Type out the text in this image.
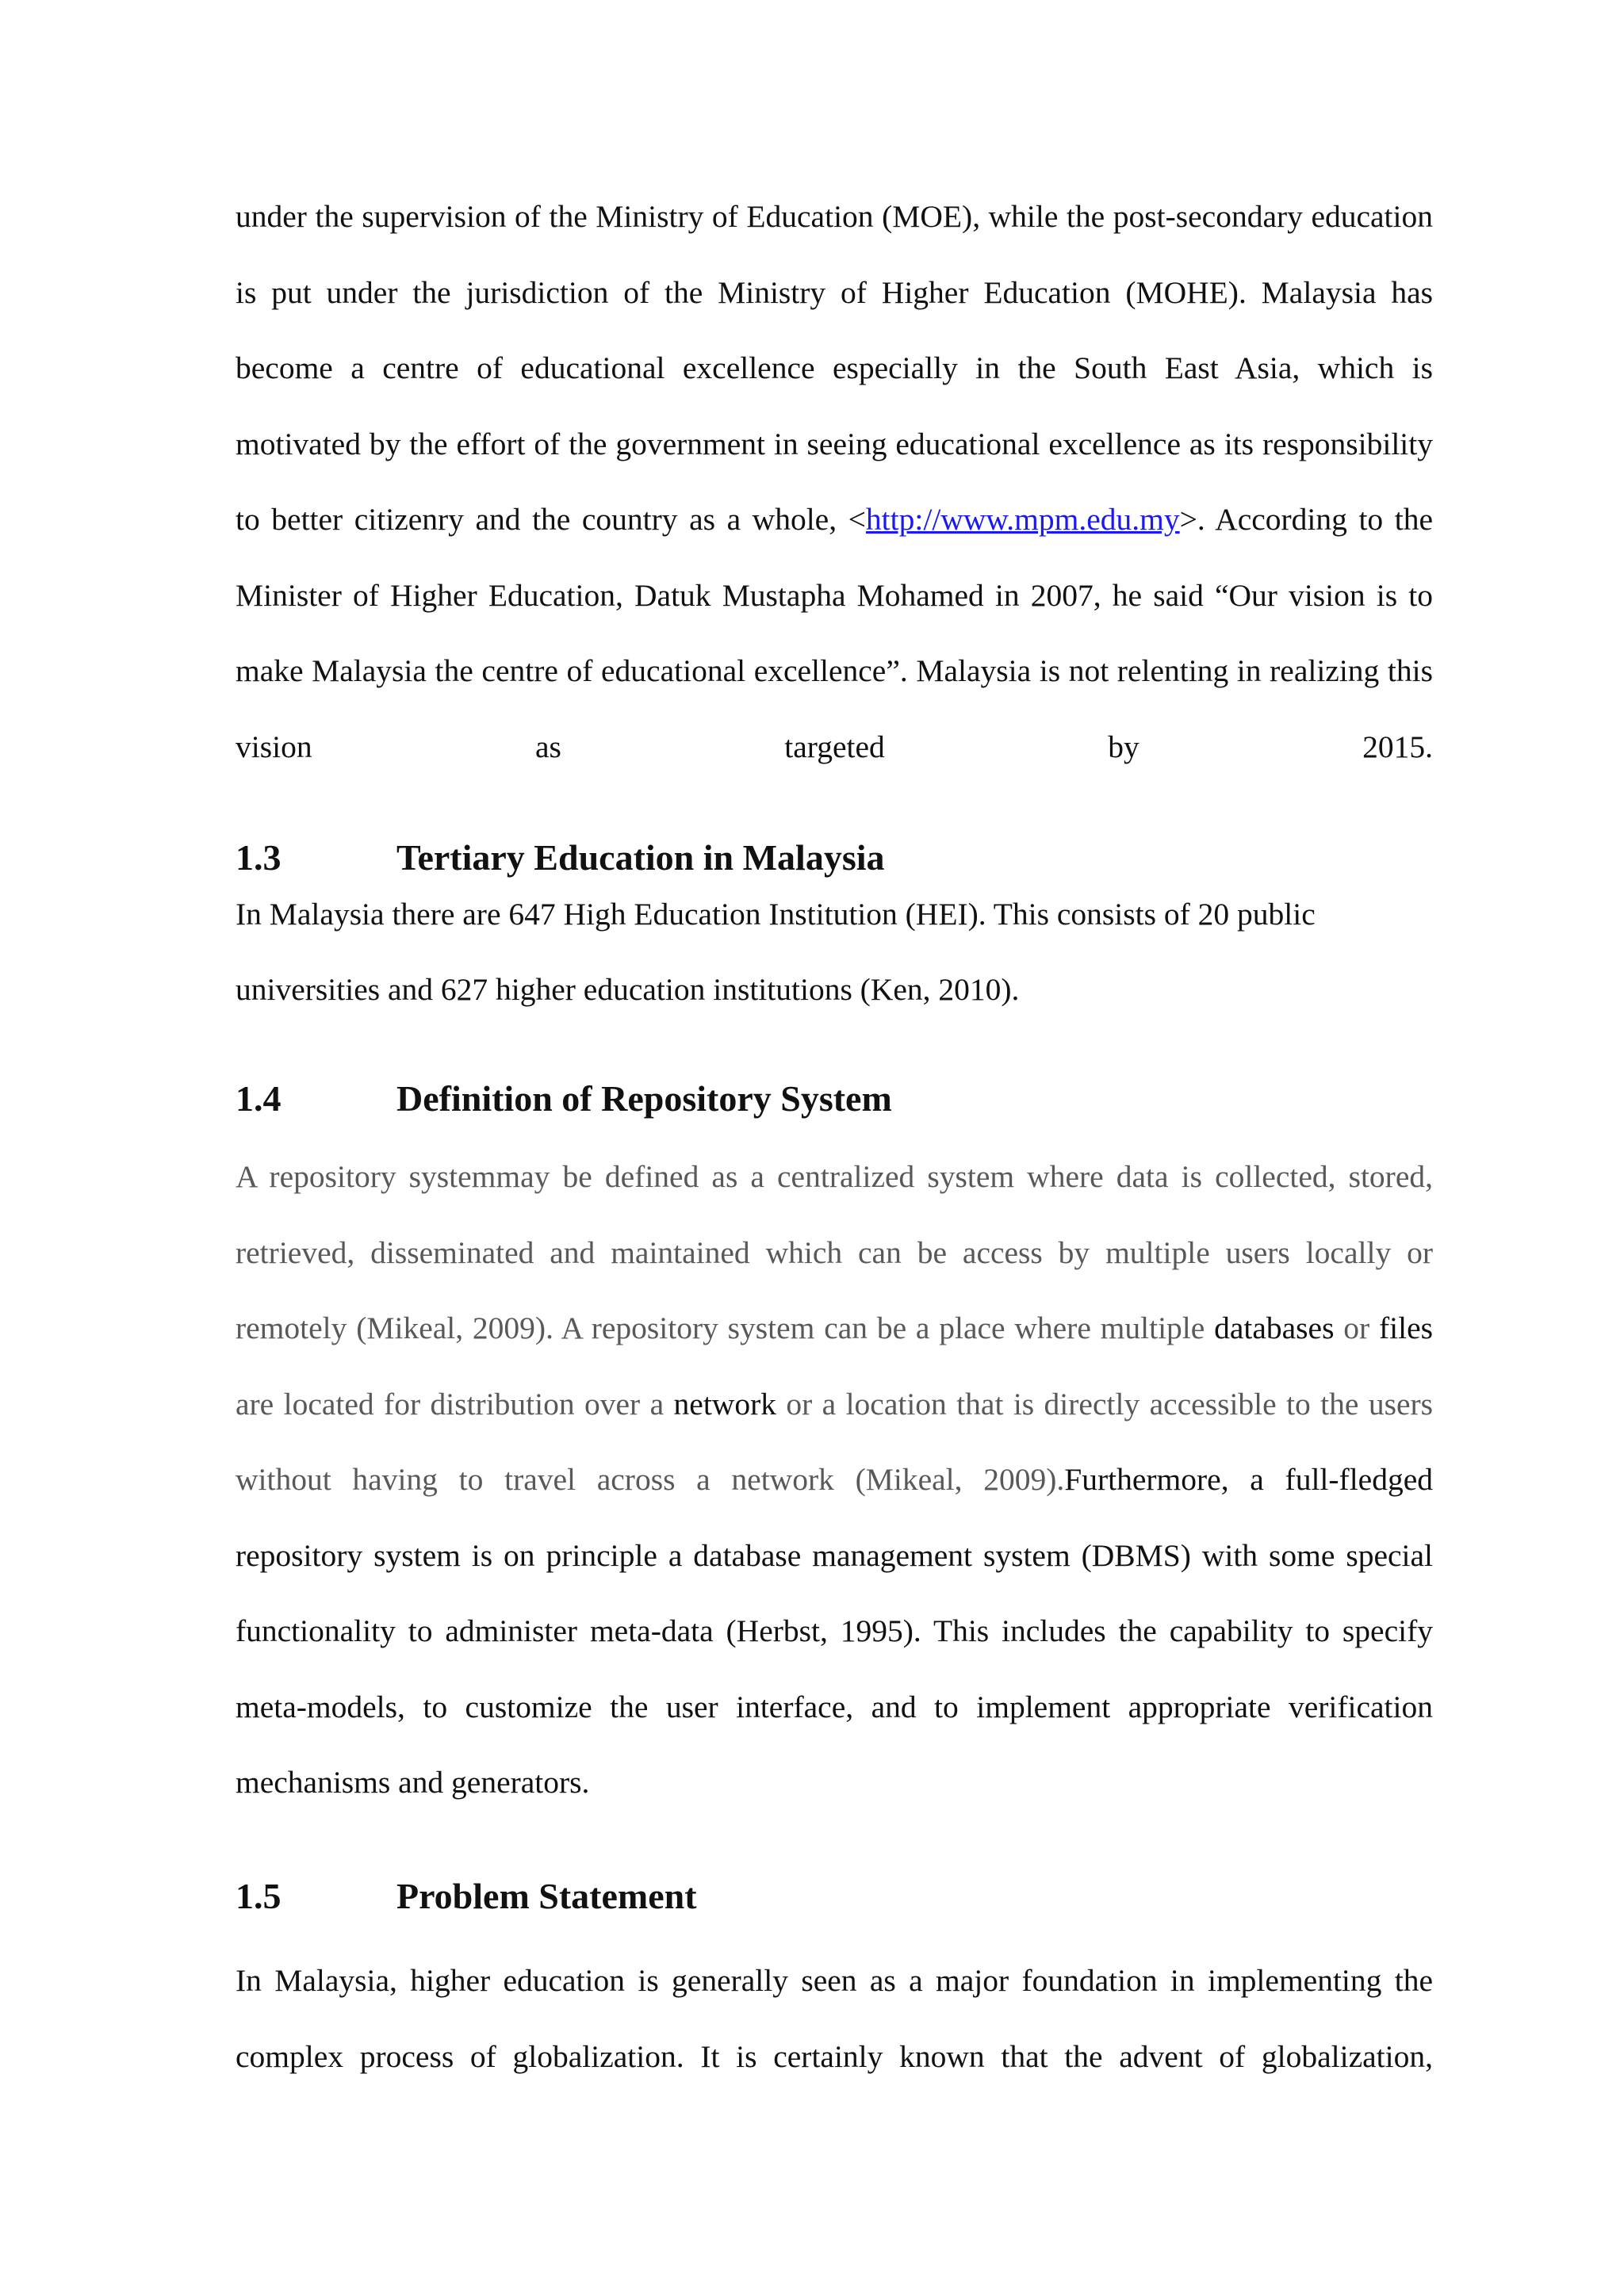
under the supervision of the Ministry of Education (MOE), while the post-secondary education is put under the jurisdiction of the Ministry of Higher Education (MOHE). Malaysia has become a centre of educational excellence especially in the South East Asia, which is motivated by the effort of the government in seeing educational excellence as its responsibility to better citizenry and the country as a whole, <http://www.mpm.edu.my>. According to the Minister of Higher Education, Datuk Mustapha Mohamed in 2007, he said “Our vision is to make Malaysia the centre of educational excellence”. Malaysia is not relenting in realizing this vision as targeted by 2015.

1.3	Tertiary Education in Malaysia

In Malaysia there are 647 High Education Institution (HEI). This consists of 20 public

universities and 627 higher education institutions (Ken, 2010).

1.4	Definition of Repository System

A repository systemmay be defined as a centralized system where data is collected, stored, retrieved, disseminated and maintained which can be access by multiple users locally or remotely (Mikeal, 2009). A repository system can be a place where multiple databases or files are located for distribution over a network or a location that is directly accessible to the users without having to travel across a network (Mikeal, 2009).Furthermore, a full-fledged repository system is on principle a database management system (DBMS) with some special functionality to administer meta-data (Herbst, 1995). This includes the capability to specify meta-models, to customize the user interface, and to implement appropriate verification mechanisms and generators.

1.5	Problem Statement

In Malaysia, higher education is generally seen as a major foundation in implementing the complex process of globalization. It is certainly known that the advent of globalization,
